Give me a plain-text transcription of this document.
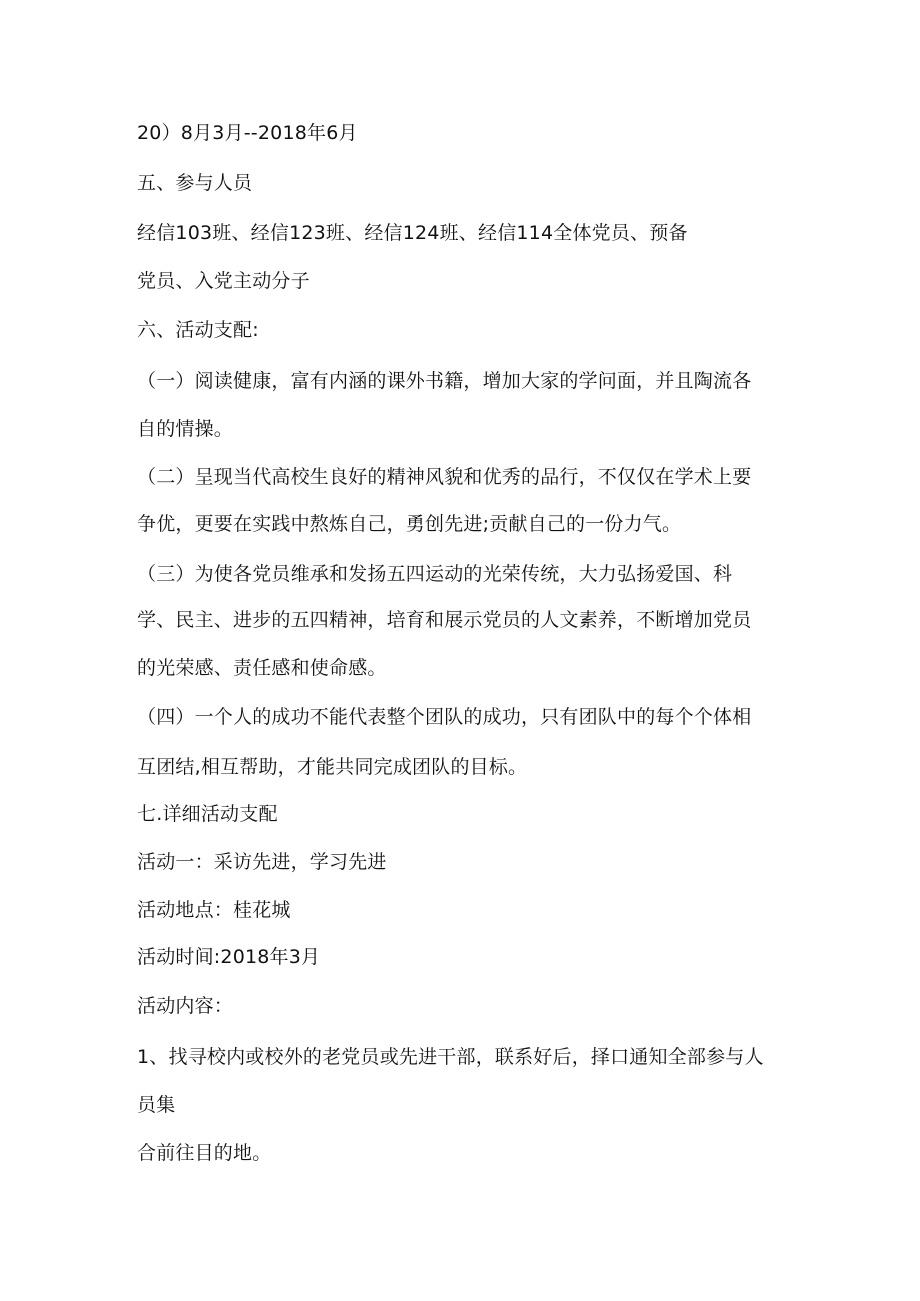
20）8月3月--2018年6月
五、参与人员
经信103班、经信123班、经信124班、经信114全体党员、预备
党员、入党主动分子
六、活动支配:
（一）阅读健康，富有内涵的课外书籍，增加大家的学问面，并且陶流各
自的情操。
（二）呈现当代高校生良好的精神风貌和优秀的品行，不仅仅在学术上要
争优，更要在实践中熬炼自己，勇创先进;贡献自己的一份力气。
（三）为使各党员维承和发扬五四运动的光荣传统，大力弘扬爱国、科
学、民主、进步的五四精神，培育和展示党员的人文素养，不断增加党员
的光荣感、责任感和使命感。
（四）一个人的成功不能代表整个团队的成功，只有团队中的每个个体相
互团结,相互帮助，才能共同完成团队的目标。
七.详细活动支配
活动一：采访先进，学习先进
活动地点：桂花城
活动时间:2018年3月
活动内容：
1、找寻校内或校外的老党员或先进干部，联系好后，择口通知全部参与人
员集
合前往目的地。
